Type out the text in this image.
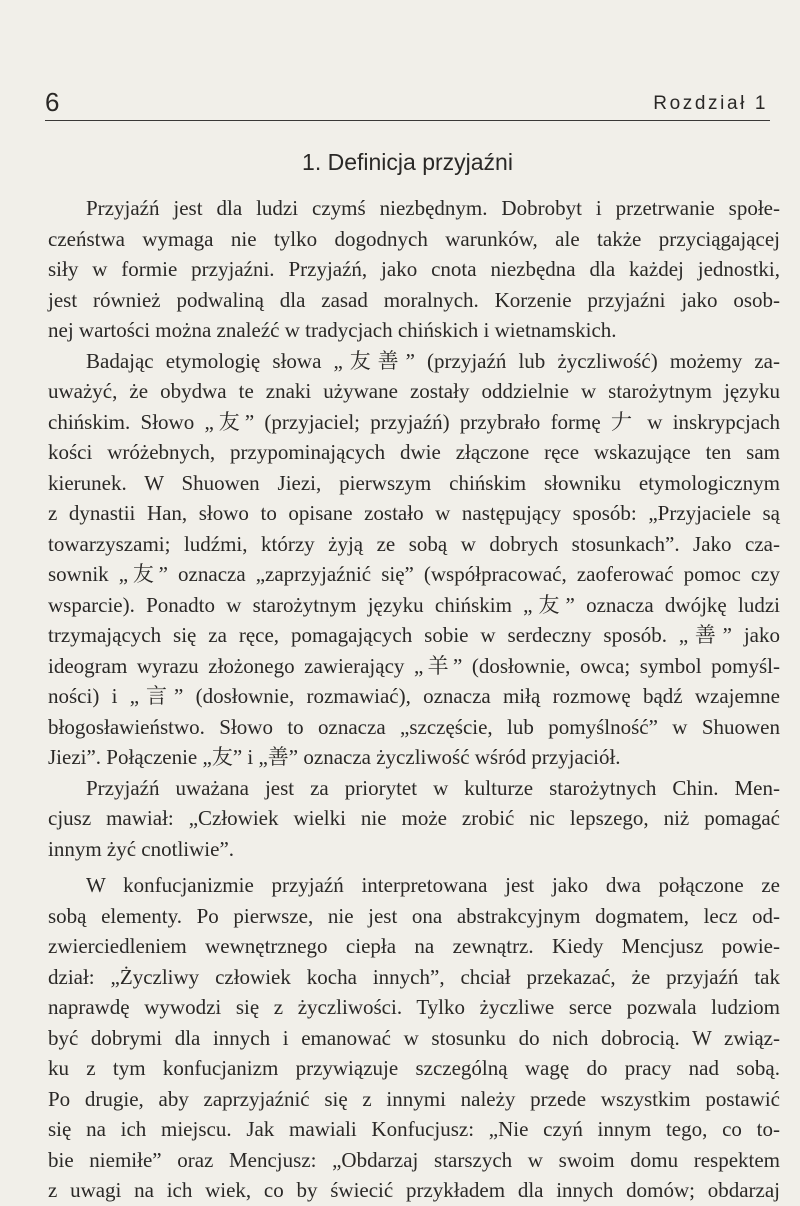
6	Rozdział 1
1. Definicja przyjaźni
Przyjaźń jest dla ludzi czymś niezbędnym. Dobrobyt i przetrwanie społe-
czeństwa wymaga nie tylko dogodnych warunków, ale także przyciągającej
siły w formie przyjaźni. Przyjaźń, jako cnota niezbędna dla każdej jednostki,
jest również podwaliną dla zasad moralnych. Korzenie przyjaźni jako osob-
nej wartości można znaleźć w tradycjach chińskich i wietnamskich.
Badając etymologię słowa „友善” (przyjaźń lub życzliwość) możemy za-
uważyć, że obydwa te znaki używane zostały oddzielnie w starożytnym języku
chińskim. Słowo „友” (przyjaciel; przyjaźń) przybrało formę 𠂇 w inskrypcjach
kości wróżebnych, przypominających dwie złączone ręce wskazujące ten sam
kierunek. W Shuowen Jiezi, pierwszym chińskim słowniku etymologicznym
z dynastii Han, słowo to opisane zostało w następujący sposób: „Przyjaciele są
towarzyszami; ludźmi, którzy żyją ze sobą w dobrych stosunkach”. Jako cza-
sownik „友” oznacza „zaprzyjaźnić się” (współpracować, zaoferować pomoc czy
wsparcie). Ponadto w starożytnym języku chińskim „友” oznacza dwójkę ludzi
trzymających się za ręce, pomagających sobie w serdeczny sposób. „善” jako
ideogram wyrazu złożonego zawierający „羊” (dosłownie, owca; symbol pomyśl-
ności) i „言” (dosłownie, rozmawiać), oznacza miłą rozmowę bądź wzajemne
błogosławieństwo. Słowo to oznacza „szczęście, lub pomyślność” w Shuowen
Jiezi”. Połączenie „友” i „善” oznacza życzliwość wśród przyjaciół.
Przyjaźń uważana jest za priorytet w kulturze starożytnych Chin. Men-
cjusz mawiał: „Człowiek wielki nie może zrobić nic lepszego, niż pomagać
innym żyć cnotliwie”.
W konfucjanizmie przyjaźń interpretowana jest jako dwa połączone ze
sobą elementy. Po pierwsze, nie jest ona abstrakcyjnym dogmatem, lecz od-
zwierciedleniem wewnętrznego ciepła na zewnątrz. Kiedy Mencjusz powie-
dział: „Życzliwy człowiek kocha innych”, chciał przekazać, że przyjaźń tak
naprawdę wywodzi się z życzliwości. Tylko życzliwe serce pozwala ludziom
być dobrymi dla innych i emanować w stosunku do nich dobrocią. W związ-
ku z tym konfucjanizm przywiązuje szczególną wagę do pracy nad sobą.
Po drugie, aby zaprzyjaźnić się z innymi należy przede wszystkim postawić
się na ich miejscu. Jak mawiali Konfucjusz: „Nie czyń innym tego, co to-
bie niemiłe” oraz Mencjusz: „Obdarzaj starszych w swoim domu respektem
z uwagi na ich wiek, co by świecić przykładem dla innych domów; obdarzaj
